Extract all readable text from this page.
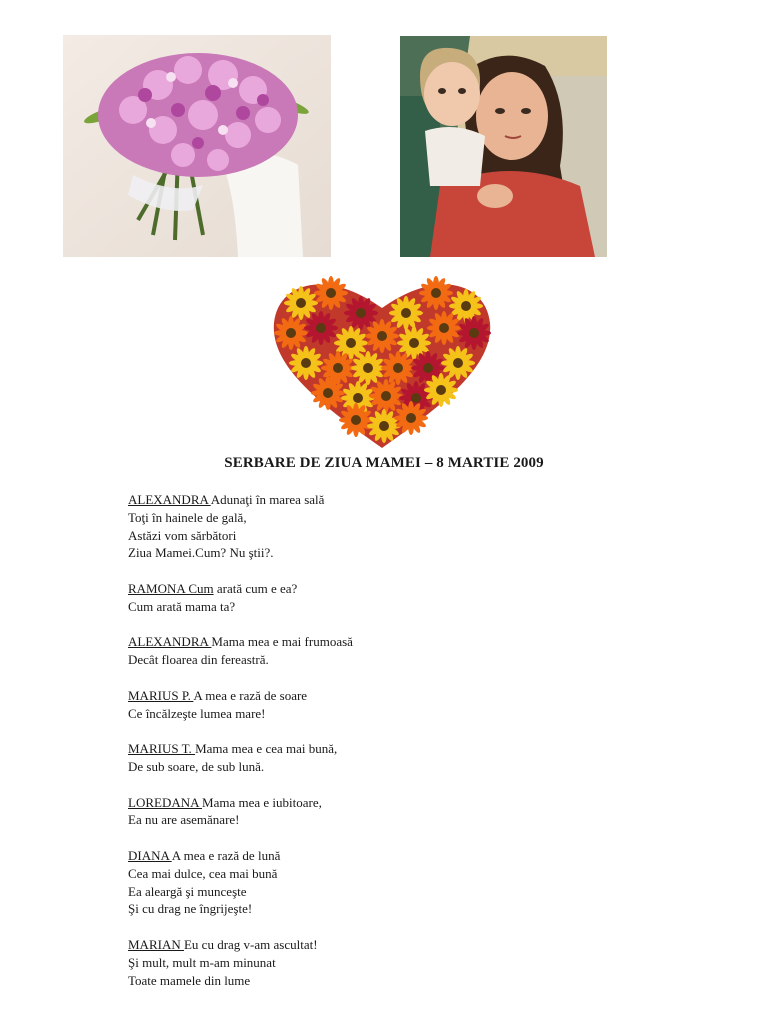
SERBARE DE ZIUA MAMEI – 8 MARTIE 2009
ALEXANDRA Adunaţi în marea sală
Toţi în hainele de gală,
Astăzi vom sărbători
Ziua Mamei.Cum? Nu ştii?.
RAMONA Cum arată cum e ea?
Cum arată mama ta?
ALEXANDRA Mama mea e mai frumoasă
Decât floarea din fereastră.
MARIUS P. A mea e rază de soare
Ce încălzeşte lumea mare!
MARIUS T. Mama mea e cea mai bună,
De sub soare, de sub lună.
LOREDANA Mama mea e iubitoare,
Ea nu are asemănare!
DIANA A mea e rază de lună
Cea mai dulce, cea mai bună
Ea aleargă şi munceşte
Şi cu drag ne îngrijeşte!
MARIAN Eu cu drag v-am ascultat!
Şi mult, mult m-am minunat
Toate mamele din lume
